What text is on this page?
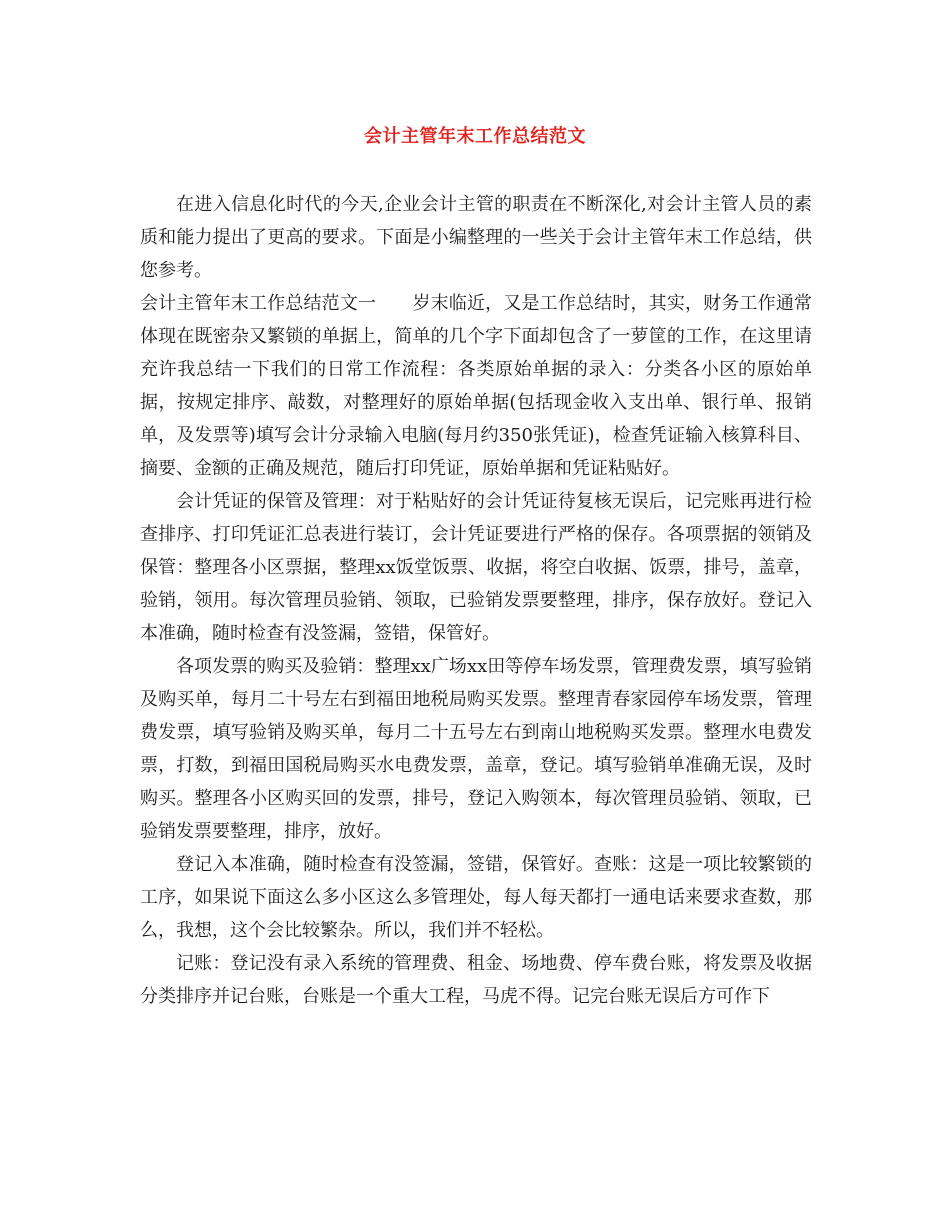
会计主管年末工作总结范文

在进入信息化时代的今天,企业会计主管的职责在不断深化,对会计主管人员的素质和能力提出了更高的要求。下面是小编整理的一些关于会计主管年末工作总结，供您参考。

会计主管年末工作总结范文一　　岁末临近，又是工作总结时，其实，财务工作通常体现在既密杂又繁锁的单据上，简单的几个字下面却包含了一萝筐的工作，在这里请充许我总结一下我们的日常工作流程：各类原始单据的录入：分类各小区的原始单据，按规定排序、敲数，对整理好的原始单据(包括现金收入支出单、银行单、报销单，及发票等)填写会计分录输入电脑(每月约350张凭证)，检查凭证输入核算科目、摘要、金额的正确及规范，随后打印凭证，原始单据和凭证粘贴好。

会计凭证的保管及管理：对于粘贴好的会计凭证待复核无误后，记完账再进行检查排序、打印凭证汇总表进行装订，会计凭证要进行严格的保存。各项票据的领销及保管：整理各小区票据，整理xx饭堂饭票、收据，将空白收据、饭票，排号，盖章，验销，领用。每次管理员验销、领取，已验销发票要整理，排序，保存放好。登记入本准确，随时检查有没签漏，签错，保管好。

各项发票的购买及验销：整理xx广场xx田等停车场发票，管理费发票，填写验销及购买单，每月二十号左右到福田地税局购买发票。整理青春家园停车场发票，管理费发票，填写验销及购买单，每月二十五号左右到南山地税购买发票。整理水电费发票，打数，到福田国税局购买水电费发票，盖章，登记。填写验销单准确无误，及时购买。整理各小区购买回的发票，排号，登记入购领本，每次管理员验销、领取，已验销发票要整理，排序，放好。

登记入本准确，随时检查有没签漏，签错，保管好。查账：这是一项比较繁锁的工序，如果说下面这么多小区这么多管理处，每人每天都打一通电话来要求查数，那么，我想，这个会比较繁杂。所以，我们并不轻松。

记账：登记没有录入系统的管理费、租金、场地费、停车费台账，将发票及收据分类排序并记台账，台账是一个重大工程，马虎不得。记完台账无误后方可作下
